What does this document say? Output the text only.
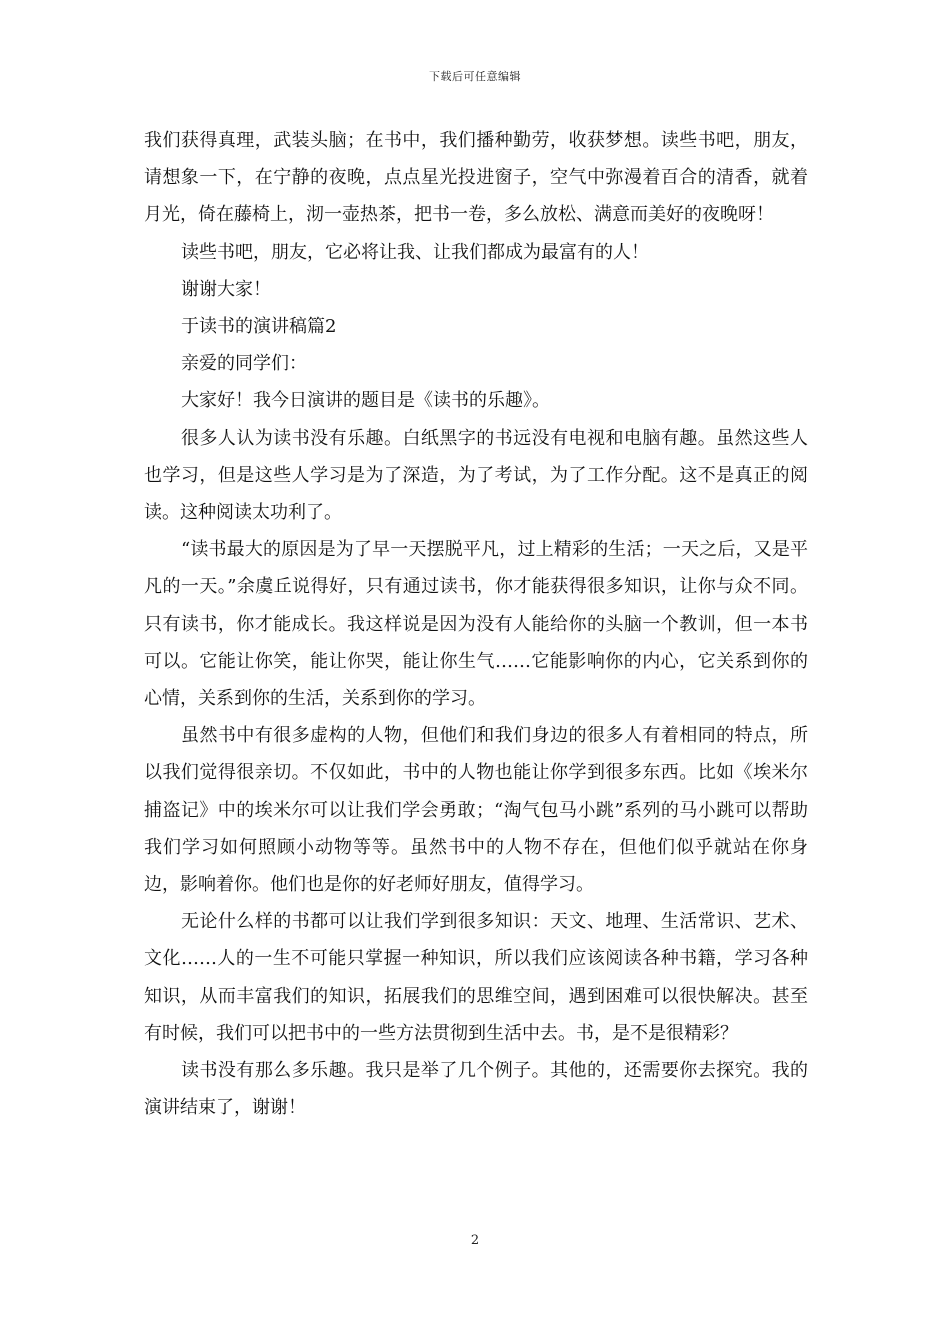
下载后可任意编辑

我们获得真理，武装头脑；在书中，我们播种勤劳，收获梦想。读些书吧，朋友，请想象一下，在宁静的夜晚，点点星光投进窗子，空气中弥漫着百合的清香，就着月光，倚在藤椅上，沏一壶热茶，把书一卷，多么放松、满意而美好的夜晚呀！

读些书吧，朋友，它必将让我、让我们都成为最富有的人！

谢谢大家！

于读书的演讲稿篇2

亲爱的同学们：

大家好！我今日演讲的题目是《读书的乐趣》。

很多人认为读书没有乐趣。白纸黑字的书远没有电视和电脑有趣。虽然这些人也学习，但是这些人学习是为了深造，为了考试，为了工作分配。这不是真正的阅读。这种阅读太功利了。

“读书最大的原因是为了早一天摆脱平凡，过上精彩的生活；一天之后，又是平凡的一天。”余虞丘说得好，只有通过读书，你才能获得很多知识，让你与众不同。只有读书，你才能成长。我这样说是因为没有人能给你的头脑一个教训，但一本书可以。它能让你笑，能让你哭，能让你生气……它能影响你的内心，它关系到你的心情，关系到你的生活，关系到你的学习。

虽然书中有很多虚构的人物，但他们和我们身边的很多人有着相同的特点，所以我们觉得很亲切。不仅如此，书中的人物也能让你学到很多东西。比如《埃米尔捕盗记》中的埃米尔可以让我们学会勇敢；“淘气包马小跳”系列的马小跳可以帮助我们学习如何照顾小动物等等。虽然书中的人物不存在，但他们似乎就站在你身边，影响着你。他们也是你的好老师好朋友，值得学习。

无论什么样的书都可以让我们学到很多知识：天文、地理、生活常识、艺术、文化……人的一生不可能只掌握一种知识，所以我们应该阅读各种书籍，学习各种知识，从而丰富我们的知识，拓展我们的思维空间，遇到困难可以很快解决。甚至有时候，我们可以把书中的一些方法贯彻到生活中去。书，是不是很精彩？

读书没有那么多乐趣。我只是举了几个例子。其他的，还需要你去探究。我的演讲结束了，谢谢！

2
